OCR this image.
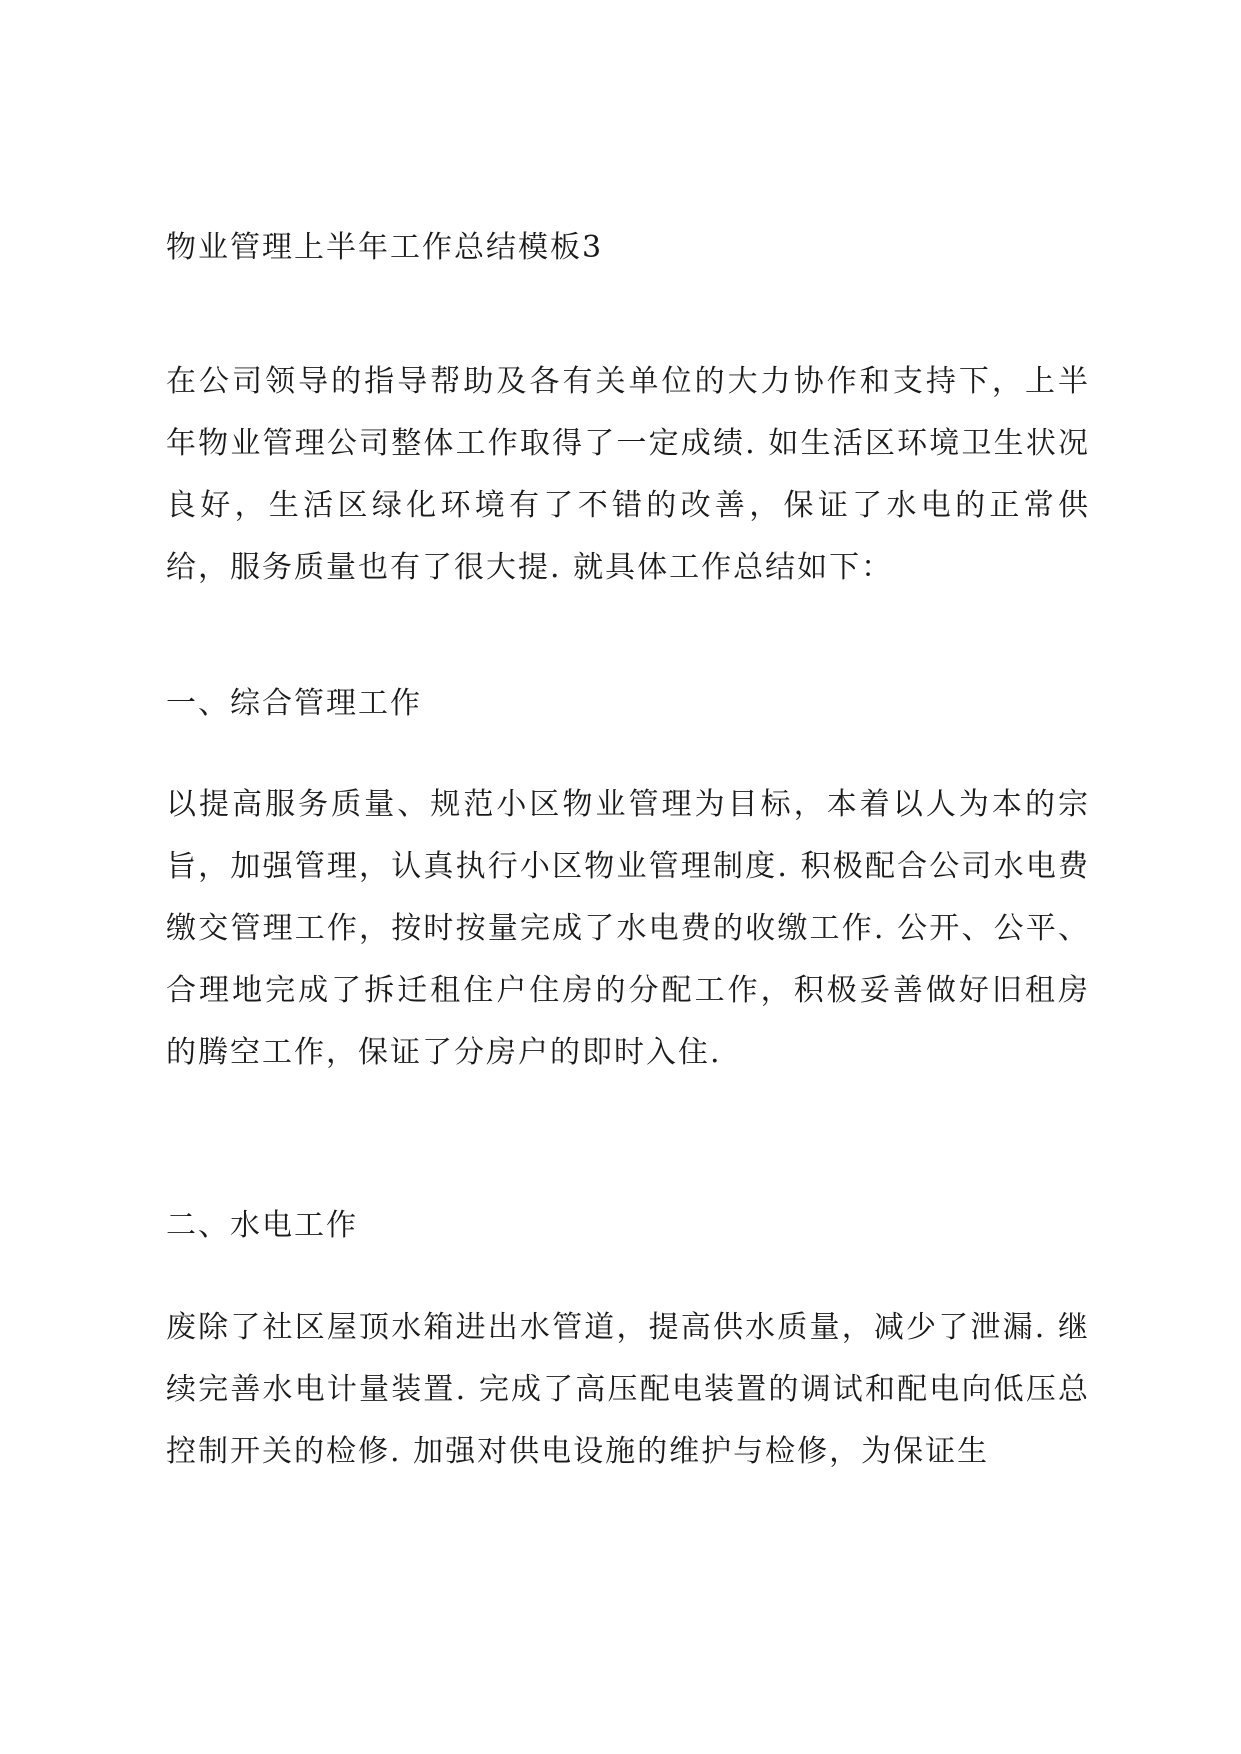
物业管理上半年工作总结模板3

在公司领导的指导帮助及各有关单位的大力协作和支持下，上半年物业管理公司整体工作取得了一定成绩. 如生活区环境卫生状况良好，生活区绿化环境有了不错的改善，保证了水电的正常供给，服务质量也有了很大提. 就具体工作总结如下：

一、综合管理工作

以提高服务质量、规范小区物业管理为目标，本着以人为本的宗旨，加强管理，认真执行小区物业管理制度. 积极配合公司水电费缴交管理工作，按时按量完成了水电费的收缴工作. 公开、公平、合理地完成了拆迁租住户住房的分配工作，积极妥善做好旧租房的腾空工作，保证了分房户的即时入住.

二、水电工作

废除了社区屋顶水箱进出水管道，提高供水质量，减少了泄漏. 继续完善水电计量装置. 完成了高压配电装置的调试和配电向低压总控制开关的检修. 加强对供电设施的维护与检修，为保证生
